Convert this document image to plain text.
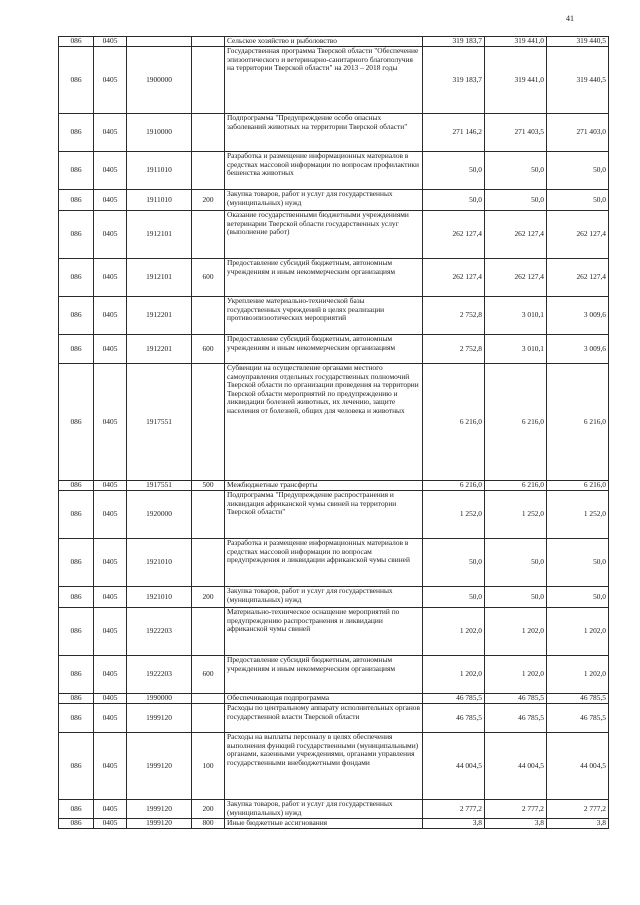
41
086	0405			Сельское хозяйство и рыболовство	319 183,7	319 441,0	319 440,5
086	0405	1900000		Государственная программа Тверской области "Обеспечение эпизоотического и ветеринарно-санитарного благополучия на территории Тверской области" на 2013 – 2018 годы	319 183,7	319 441,0	319 440,5
086	0405	1910000		Подпрограмма "Предупреждение особо опасных заболеваний животных на территории Тверской области"	271 146,2	271 403,5	271 403,0
086	0405	1911010		Разработка и размещение информационных материалов в средствах массовой информации по вопросам профилактики бешенства животных	50,0	50,0	50,0
086	0405	1911010	200	Закупка товаров, работ и услуг для государственных (муниципальных) нужд	50,0	50,0	50,0
086	0405	1912101		Оказание государственными бюджетными учреждениями ветеринарии Тверской области государственных услуг (выполнение работ)	262 127,4	262 127,4	262 127,4
086	0405	1912101	600	Предоставление субсидий бюджетным, автономным учреждениям и иным некоммерческим организациям	262 127,4	262 127,4	262 127,4
086	0405	1912201		Укрепление материально-технической базы государственных учреждений в целях реализации противоэпизоотических мероприятий	2 752,8	3 010,1	3 009,6
086	0405	1912201	600	Предоставление субсидий бюджетным, автономным учреждениям и иным некоммерческим организациям	2 752,8	3 010,1	3 009,6
086	0405	1917551		Субвенции на осуществление органами местного самоуправления отдельных государственных полномочий Тверской области по организации проведения на территории Тверской области мероприятий по предупреждению и ликвидации болезней животных, их лечению, защите населения от болезней, общих для человека и животных	6 216,0	6 216,0	6 216,0
086	0405	1917551	500	Межбюджетные трансферты	6 216,0	6 216,0	6 216,0
086	0405	1920000		Подпрограмма "Предупреждение распространения и ликвидация африканской чумы свиней на территории Тверской области"	1 252,0	1 252,0	1 252,0
086	0405	1921010		Разработка и размещение информационных материалов в средствах массовой информации по вопросам предупреждения и ликвидации африканской чумы свиней	50,0	50,0	50,0
086	0405	1921010	200	Закупка товаров, работ и услуг для государственных (муниципальных) нужд	50,0	50,0	50,0
086	0405	1922203		Материально-техническое оснащение мероприятий по предупреждению распространения и ликвидации африканской чумы свиней	1 202,0	1 202,0	1 202,0
086	0405	1922203	600	Предоставление субсидий бюджетным, автономным учреждениям и иным некоммерческим организациям	1 202,0	1 202,0	1 202,0
086	0405	1990000		Обеспечивающая подпрограмма	46 785,5	46 785,5	46 785,5
086	0405	1999120		Расходы по центральному аппарату исполнительных органов государственной власти Тверской области	46 785,5	46 785,5	46 785,5
086	0405	1999120	100	Расходы на выплаты персоналу в целях обеспечения выполнения функций государственными (муниципальными) органами, казенными учреждениями, органами управления государственными внебюджетными фондами	44 004,5	44 004,5	44 004,5
086	0405	1999120	200	Закупка товаров, работ и услуг для государственных (муниципальных) нужд	2 777,2	2 777,2	2 777,2
086	0405	1999120	800	Иные бюджетные ассигнования	3,8	3,8	3,8
